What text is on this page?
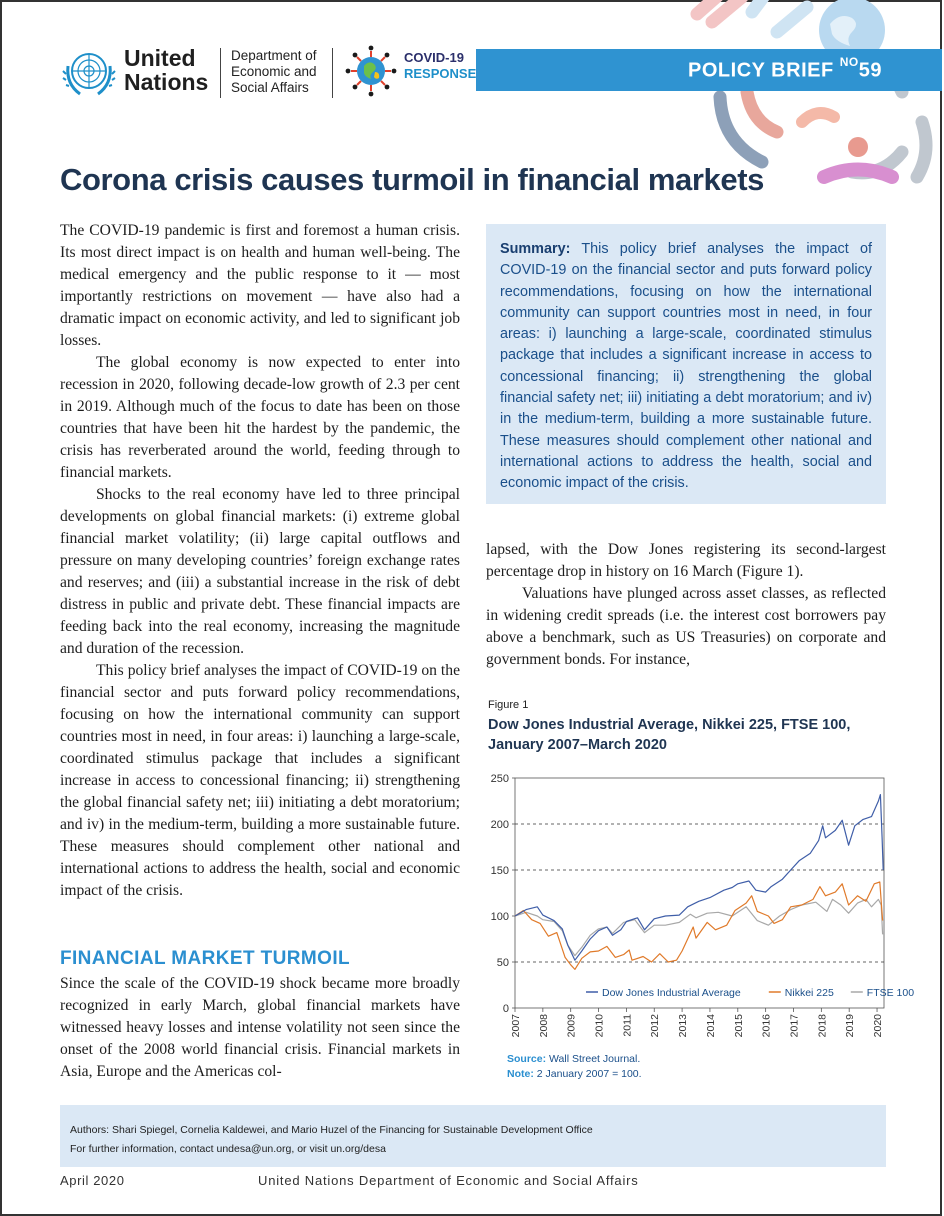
United
Nations
Department of
Economic and
Social Affairs
COVID-19
RESPONSE	POLICY BRIEF $^{NO}$59
Corona crisis causes turmoil in financial markets

The COVID-19 pandemic is first and foremost a human crisis. Its most direct impact is on health and human well-being. The medical emergency and the public response to it — most importantly restrictions on movement — have also had a dramatic impact on economic activity, and led to significant job losses.

The global economy is now expected to enter into recession in 2020, following decade-low growth of 2.3 per cent in 2019. Although much of the focus to date has been on those countries that have been hit the hardest by the pandemic, the crisis has reverberated around the world, feeding through to financial markets.

Shocks to the real economy have led to three principal developments on global financial markets: (i) extreme global financial market volatility; (ii) large capital outflows and pressure on many developing countries’ foreign exchange rates and reserves; and (iii) a substantial increase in the risk of debt distress in public and private debt. These financial impacts are feeding back into the real economy, increasing the magnitude and duration of the recession.

This policy brief analyses the impact of COVID-19 on the financial sector and puts forward policy recommendations, focusing on how the international community can support countries most in need, in four areas: i) launching a large-scale, coordinated stimulus package that includes a significant increase in access to concessional financing; ii) strengthening the global financial safety net; iii) initiating a debt moratorium; and iv) in the medium-term, building a more sustainable future. These measures should complement other national and international actions to address the health, social and economic impact of the crisis.

FINANCIAL MARKET TURMOIL

Since the scale of the COVID-19 shock became more broadly recognized in early March, global financial markets have witnessed heavy losses and intense volatility not seen since the onset of the 2008 world financial crisis. Financial markets in Asia, Europe and the Americas col-

Summary: This policy brief analyses the impact of COVID-19 on the financial sector and puts forward policy recommendations, focusing on how the international community can support countries most in need, in four areas: i) launching a large-scale, coordinated stimulus package that includes a significant increase in access to concessional financing; ii) strengthening the global financial safety net; iii) initiating a debt moratorium; and iv) in the medium-term, building a more sustainable future. These measures should complement other national and international actions to address the health, social and economic impact of the crisis.

lapsed, with the Dow Jones registering its second-largest percentage drop in history on 16 March (Figure 1).

Valuations have plunged across asset classes, as reflected in widening credit spreads (i.e. the interest cost borrowers pay above a benchmark, such as US Treasuries) on corporate and government bonds. For instance,

Figure 1
Dow Jones Industrial Average, Nikkei 225, FTSE 100, January 2007–March 2020
0
50
100
150
200
250
2007 2008 2009 2010 2011 2012 2013 2014 2015 2016 2017 2018 2019 2020
Dow Jones Industrial Average	Nikkei 225	FTSE 100
Source: Wall Street Journal.
Note: 2 January 2007 = 100.
Authors: Shari Spiegel, Cornelia Kaldewei, and Mario Huzel of the Financing for Sustainable Development Office
For further information, contact undesa@un.org, or visit un.org/desa
April 2020	United Nations Department of Economic and Social Affairs
